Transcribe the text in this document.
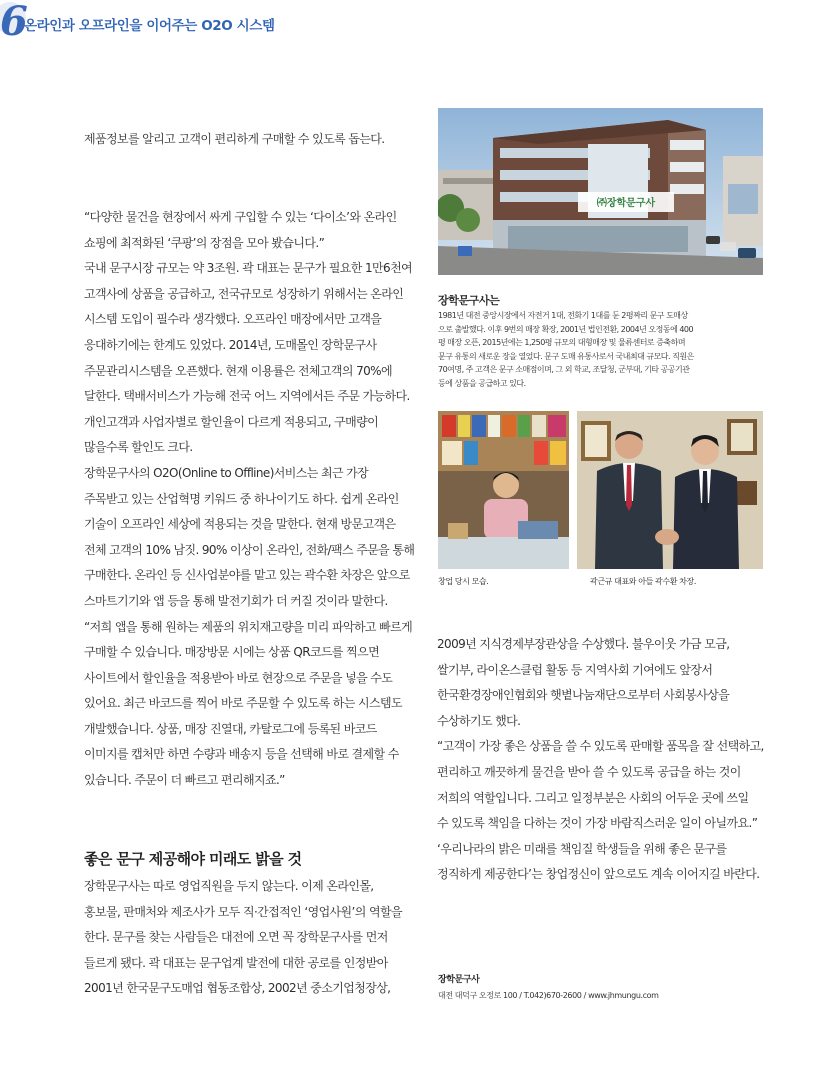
제품정보를 알리고 고객이 편리하게 구매할 수 있도록 돕는다.

6
온라인과 오프라인을 이어주는 O2O 시스템

“다양한 물건을 현장에서 싸게 구입할 수 있는 ‘다이소’와 온라인

쇼핑에 최적화된 ‘쿠팡’의 장점을 모아 봤습니다.”

국내 문구시장 규모는 약 3조원. 곽 대표는 문구가 필요한 1만6천여

고객사에 상품을 공급하고, 전국규모로 성장하기 위해서는 온라인

시스템 도입이 필수라 생각했다. 오프라인 매장에서만 고객을

응대하기에는 한계도 있었다. 2014년, 도매몰인 장학문구사

주문관리시스템을 오픈했다. 현재 이용률은 전체고객의 70%에

달한다. 택배서비스가 가능해 전국 어느 지역에서든 주문 가능하다.

개인고객과 사업자별로 할인율이 다르게 적용되고, 구매량이

많을수록 할인도 크다.

장학문구사의 O2O(Online to Offline)서비스는 최근 가장

주목받고 있는 산업혁명 키워드 중 하나이기도 하다. 쉽게 온라인

기술이 오프라인 세상에 적용되는 것을 말한다. 현재 방문고객은

전체 고객의 10% 남짓. 90% 이상이 온라인, 전화/팩스 주문을 통해

구매한다. 온라인 등 신사업분야를 맡고 있는 곽수환 차장은 앞으로

스마트기기와 앱 등을 통해 발전기회가 더 커질 것이라 말한다.

“저희 앱을 통해 원하는 제품의 위치재고량을 미리 파악하고 빠르게

구매할 수 있습니다. 매장방문 시에는 상품 QR코드를 찍으면

사이트에서 할인율을 적용받아 바로 현장으로 주문을 넣을 수도

있어요. 최근 바코드를 찍어 바로 주문할 수 있도록 하는 시스템도

개발했습니다. 상품, 매장 진열대, 카탈로그에 등록된 바코드

이미지를 캡처만 하면 수량과 배송지 등을 선택해 바로 결제할 수

있습니다. 주문이 더 빠르고 편리해지죠.”

좋은 문구 제공해야 미래도 밝을 것

장학문구사는 따로 영업직원을 두지 않는다. 이제 온라인몰,

홍보물, 판매처와 제조사가 모두 직·간접적인 ‘영업사원’의 역할을

한다. 문구를 찾는 사람들은 대전에 오면 꼭 장학문구사를 먼저

들르게 됐다. 곽 대표는 문구업계 발전에 대한 공로를 인정받아

2001년 한국문구도매업 협동조합상, 2002년 중소기업청장상,

㈜장학문구사
장학문구사는

1981년 대전 중앙시장에서 자전거 1대, 전화기 1대를 둔 2평짜리 문구 도매상

으로 출발했다. 이후 9번의 매장 확장, 2001년 법인전환, 2004년 오정동에 400

평 매장 오픈, 2015년에는 1,250평 규모의 대형매장 및 물류센터로 증축하며

문구 유통의 새로운 장을 열었다. 문구 도매 유통사로서 국내최대 규모다. 직원은

70여명, 주 고객은 문구 소매점이며, 그 외 학교, 조달청, 군부대, 기타 공공기관

등에 상품을 공급하고 있다.

창업 당시 모습.	곽근규 대표와 아들 곽수환 차장.

2009년 지식경제부장관상을 수상했다. 불우이웃 가금 모금,

쌀기부, 라이온스클럽 활동 등 지역사회 기여에도 앞장서

한국환경장애인협회와 햇볕나눔재단으로부터 사회봉사상을

수상하기도 했다.

“고객이 가장 좋은 상품을 쓸 수 있도록 판매할 품목을 잘 선택하고,

편리하고 깨끗하게 물건을 받아 쓸 수 있도록 공급을 하는 것이

저희의 역할입니다. 그리고 일정부분은 사회의 어두운 곳에 쓰일

수 있도록 책임을 다하는 것이 가장 바람직스러운 일이 아닐까요.”

‘우리나라의 밝은 미래를 책임질 학생들을 위해 좋은 문구를

정직하게 제공한다’는 창업정신이 앞으로도 계속 이어지길 바란다.

장학문구사
대전 대덕구 오정로 100 / T.042)670-2600 / www.jhmungu.com
